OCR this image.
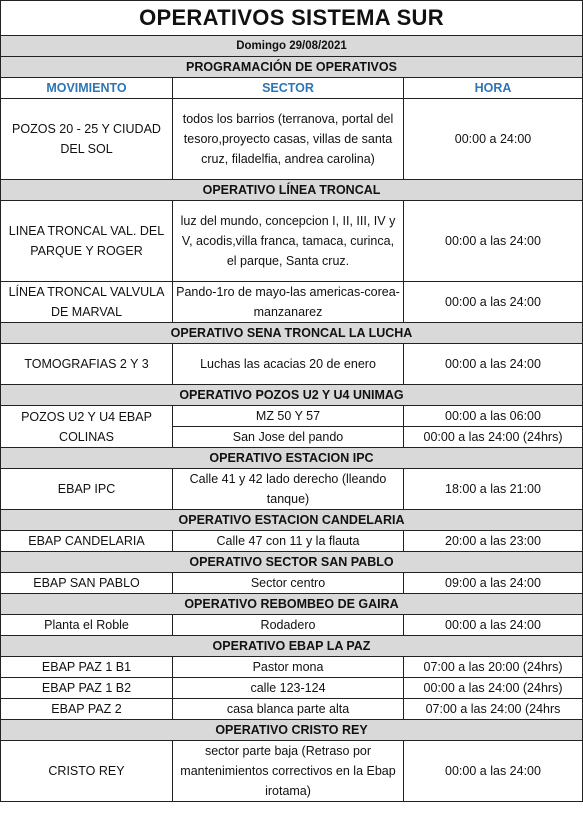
OPERATIVOS SISTEMA SUR		
Domingo 29/08/2021		
PROGRAMACIÓN DE OPERATIVOS		
MOVIMIENTO	SECTOR	HORA
POZOS 20 - 25 Y CIUDAD DEL SOL	todos los barrios (terranova, portal del tesoro,proyecto casas, villas de santa cruz, filadelfia, andrea carolina)	00:00 a 24:00
OPERATIVO LÍNEA TRONCAL		
LINEA TRONCAL VAL. DEL PARQUE Y ROGER	luz del mundo, concepcion I, II, III, IV y V, acodis,villa franca, tamaca, curinca, el parque, Santa cruz.	00:00 a las 24:00
LÍNEA TRONCAL VALVULA DE MARVAL	Pando-1ro de mayo-las americas-corea-manzanarez	00:00 a las 24:00
OPERATIVO SENA TRONCAL LA LUCHA		
TOMOGRAFIAS 2 Y 3	Luchas las acacias 20 de enero	00:00 a las 24:00
OPERATIVO POZOS U2 Y U4 UNIMAG		
POZOS U2 Y U4 EBAP COLINAS	MZ 50 Y 57	00:00 a las 06:00
	San Jose del pando	00:00 a las 24:00 (24hrs)
OPERATIVO ESTACION IPC		
EBAP IPC	Calle 41 y 42 lado derecho (lleando tanque)	18:00 a las 21:00
OPERATIVO ESTACION CANDELARIA		
EBAP CANDELARIA	Calle 47 con 11 y la flauta	20:00 a las 23:00
OPERATIVO SECTOR SAN PABLO		
EBAP SAN PABLO	Sector centro	09:00 a las 24:00
OPERATIVO REBOMBEO DE GAIRA		
Planta el Roble	Rodadero	00:00 a las 24:00
OPERATIVO EBAP LA PAZ		
EBAP PAZ 1 B1	Pastor mona	07:00 a las 20:00 (24hrs)
EBAP PAZ 1 B2	calle 123-124	00:00 a las 24:00 (24hrs)
EBAP PAZ 2	casa blanca parte alta	07:00 a las 24:00 (24hrs
OPERATIVO CRISTO REY		
CRISTO REY	sector parte baja (Retraso por mantenimientos correctivos en la Ebap irotama)	00:00 a las 24:00
